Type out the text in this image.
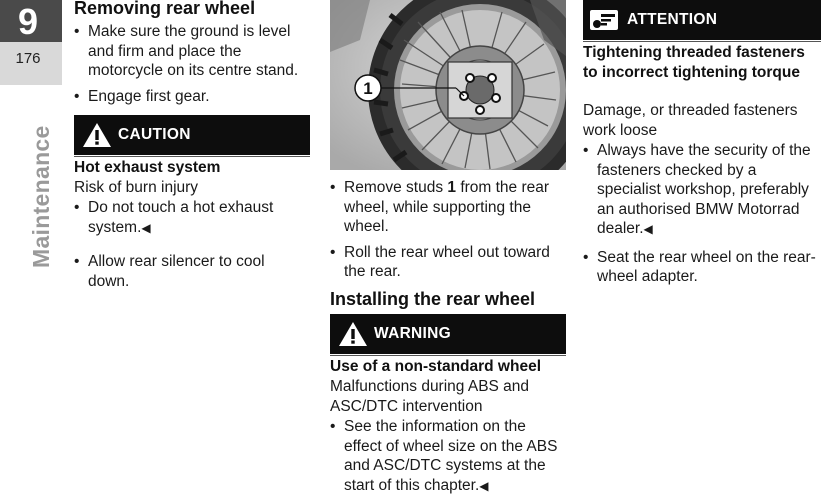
9
176
Maintenance
Removing rear wheel
• Make sure the ground is level and firm and place the motorcycle on its centre stand.
• Engage first gear.
CAUTION
Hot exhaust system
Risk of burn injury
• Do not touch a hot exhaust system.◀
• Allow rear silencer to cool down.
1
• Remove studs 1 from the rear wheel, while supporting the wheel.
• Roll the rear wheel out toward the rear.
Installing the rear wheel
WARNING
Use of a non-standard wheel
Malfunctions during ABS and ASC/DTC intervention
• See the information on the effect of wheel size on the ABS and ASC/DTC systems at the start of this chapter.◀
ATTENTION
Tightening threaded fasteners to incorrect tightening torque
Damage, or threaded fasteners work loose
• Always have the security of the fasteners checked by a specialist workshop, preferably an authorised BMW Motorrad dealer.◀
• Seat the rear wheel on the rear-wheel adapter.
